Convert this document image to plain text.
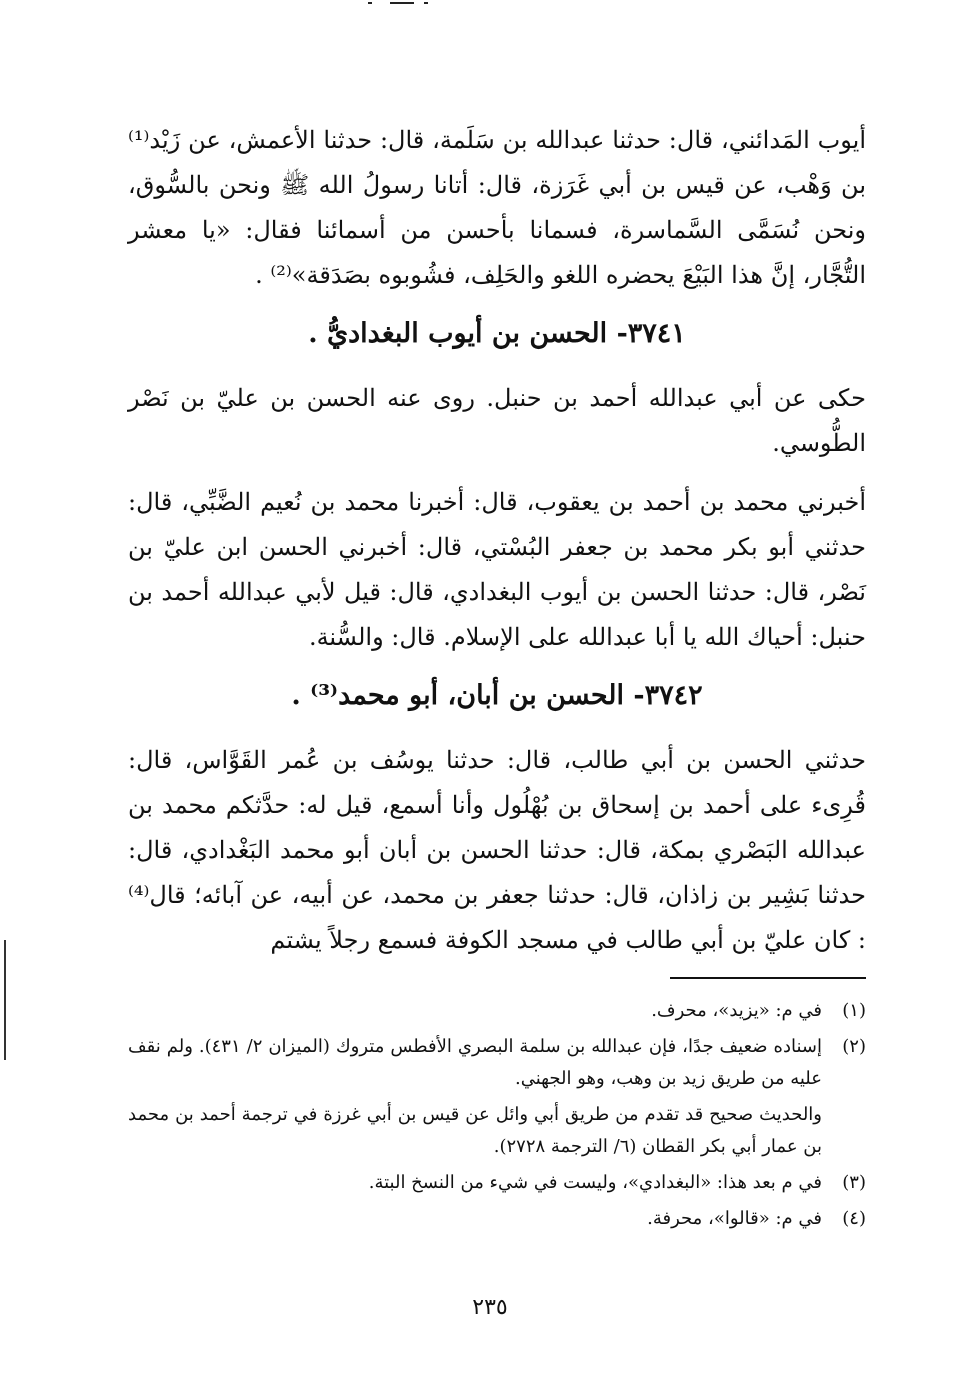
أيوب المَدائني، قال: حدثنا عبدالله بن سَلَمة، قال: حدثنا الأعمش، عن زَيْد⁽¹⁾ بن وَهْب، عن قيس بن أبي غَرَزة، قال: أتانا رسولُ الله ﷺ ونحن بالسُّوق، ونحن نُسَمَّى السَّماسرة، فسمانا بأحسن من أسمائنا فقال: «يا معشر التُّجَّار، إنَّ هذا البَيْعَ يحضره اللغو والحَلِف، فشُوبوه بصَدَقة»⁽²⁾ .

٣٧٤١- الحسن بن أيوب البغداديُّ .

حكى عن أبي عبدالله أحمد بن حنبل. روى عنه الحسن بن عليّ بن نَصْر الطُّوسي.

أخبرني محمد بن أحمد بن يعقوب، قال: أخبرنا محمد بن نُعيم الضَّبِّي، قال: حدثني أبو بكر محمد بن جعفر البُسْتي، قال: أخبرني الحسن ابن عليّ بن نَصْر، قال: حدثنا الحسن بن أيوب البغدادي، قال: قيل لأبي عبدالله أحمد بن حنبل: أحياك الله يا أبا عبدالله على الإسلام. قال: والسُّنة.

٣٧٤٢- الحسن بن أبان، أبو محمد⁽³⁾ .

حدثني الحسن بن أبي طالب، قال: حدثنا يوسُف بن عُمر القَوَّاس، قال: قُرِىء على أحمد بن إسحاق بن بُهْلُول وأنا أسمع، قيل له: حدَّثكم محمد بن عبدالله البَصْري بمكة، قال: حدثنا الحسن بن أبان أبو محمد البَغْدادي، قال: حدثنا بَشِير بن زاذان، قال: حدثنا جعفر بن محمد، عن أبيه، عن آبائه؛ قال⁽⁴⁾ : كان عليّ بن أبي طالب في مسجد الكوفة فسمع رجلاً يشتم

(١)
في م: «يزيد»، محرف.
(٢)
إسناده ضعيف جدًا، فإن عبدالله بن سلمة البصري الأفطس متروك (الميزان ٢/ ٤٣١). ولم نقف عليه من طريق زيد بن وهب، وهو الجهني.
والحديث صحيح قد تقدم من طريق أبي وائل عن قيس بن أبي غرزة في ترجمة أحمد بن محمد بن عمار أبي بكر القطان (٦/ الترجمة ٢٧٢٨).
(٣)
في م بعد هذا: «البغدادي»، وليست في شيء من النسخ البتة.
(٤)
في م: «قالوا»، محرفة.
٢٣٥
